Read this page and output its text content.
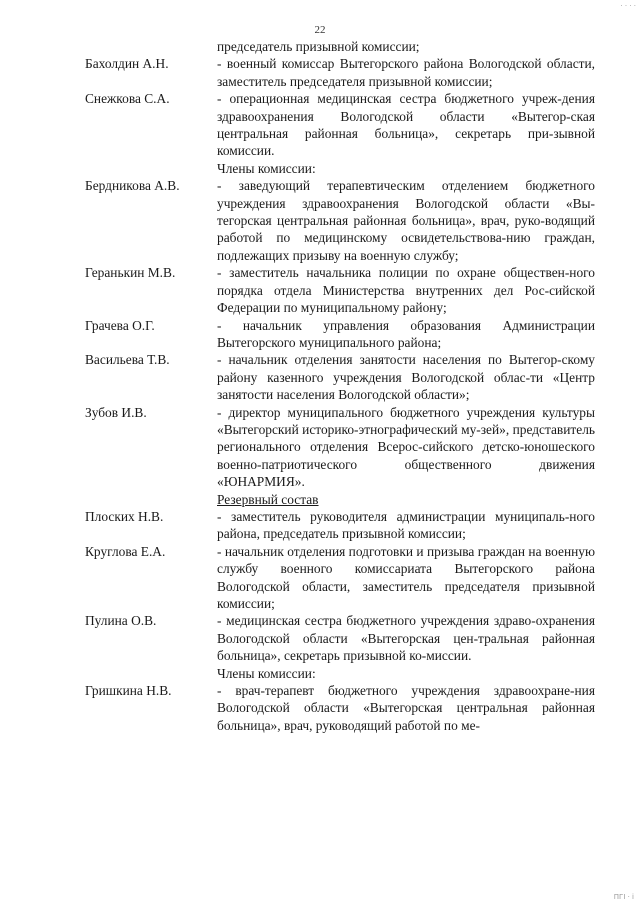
· · · ·
22
председатель призывной комиссии;
Бахолдин А.Н.	- военный комиссар Вытегорского района Вологодской области, заместитель председателя призывной комиссии;
Снежкова С.А.	- операционная медицинская сестра бюджетного учреж-дения здравоохранения Вологодской области «Вытегор-ская центральная районная больница», секретарь при-зывной комиссии.
Члены комиссии:
Бердникова А.В.	- заведующий терапевтическим отделением бюджетного учреждения здравоохранения Вологодской области «Вы-тегорская центральная районная больница», врач, руко-водящий работой по медицинскому освидетельствова-нию граждан, подлежащих призыву на военную службу;
Геранькин М.В.	- заместитель начальника полиции по охране обществен-ного порядка отдела Министерства внутренних дел Рос-сийской Федерации по муниципальному району;
Грачева О.Г.	- начальник управления образования Администрации Вытегорского муниципального района;
Васильева Т.В.	- начальник отделения занятости населения по Вытегор-скому району казенного учреждения Вологодской облас-ти «Центр занятости населения Вологодской области»;
Зубов И.В.	- директор муниципального бюджетного учреждения культуры «Вытегорский историко-этнографический му-зей», представитель регионального отделения Всерос-сийского детско-юношеского военно-патриотического общественного движения «ЮНАРМИЯ».
Резервный состав
Плоских Н.В.	- заместитель руководителя администрации муниципаль-ного района, председатель призывной комиссии;
Круглова Е.А.	- начальник отделения подготовки и призыва граждан на военную службу военного комиссариата Вытегорского района Вологодской области, заместитель председателя призывной комиссии;
Пулина О.В.	- медицинская сестра бюджетного учреждения здраво-охранения Вологодской области «Вытегорская цен-тральная районная больница», секретарь призывной ко-миссии.
Члены комиссии:
Гришкина Н.В.	- врач-терапевт бюджетного учреждения здравоохране-ния Вологодской области «Вытегорская центральная районная больница», врач, руководящий работой по ме-
ПГІ · і
